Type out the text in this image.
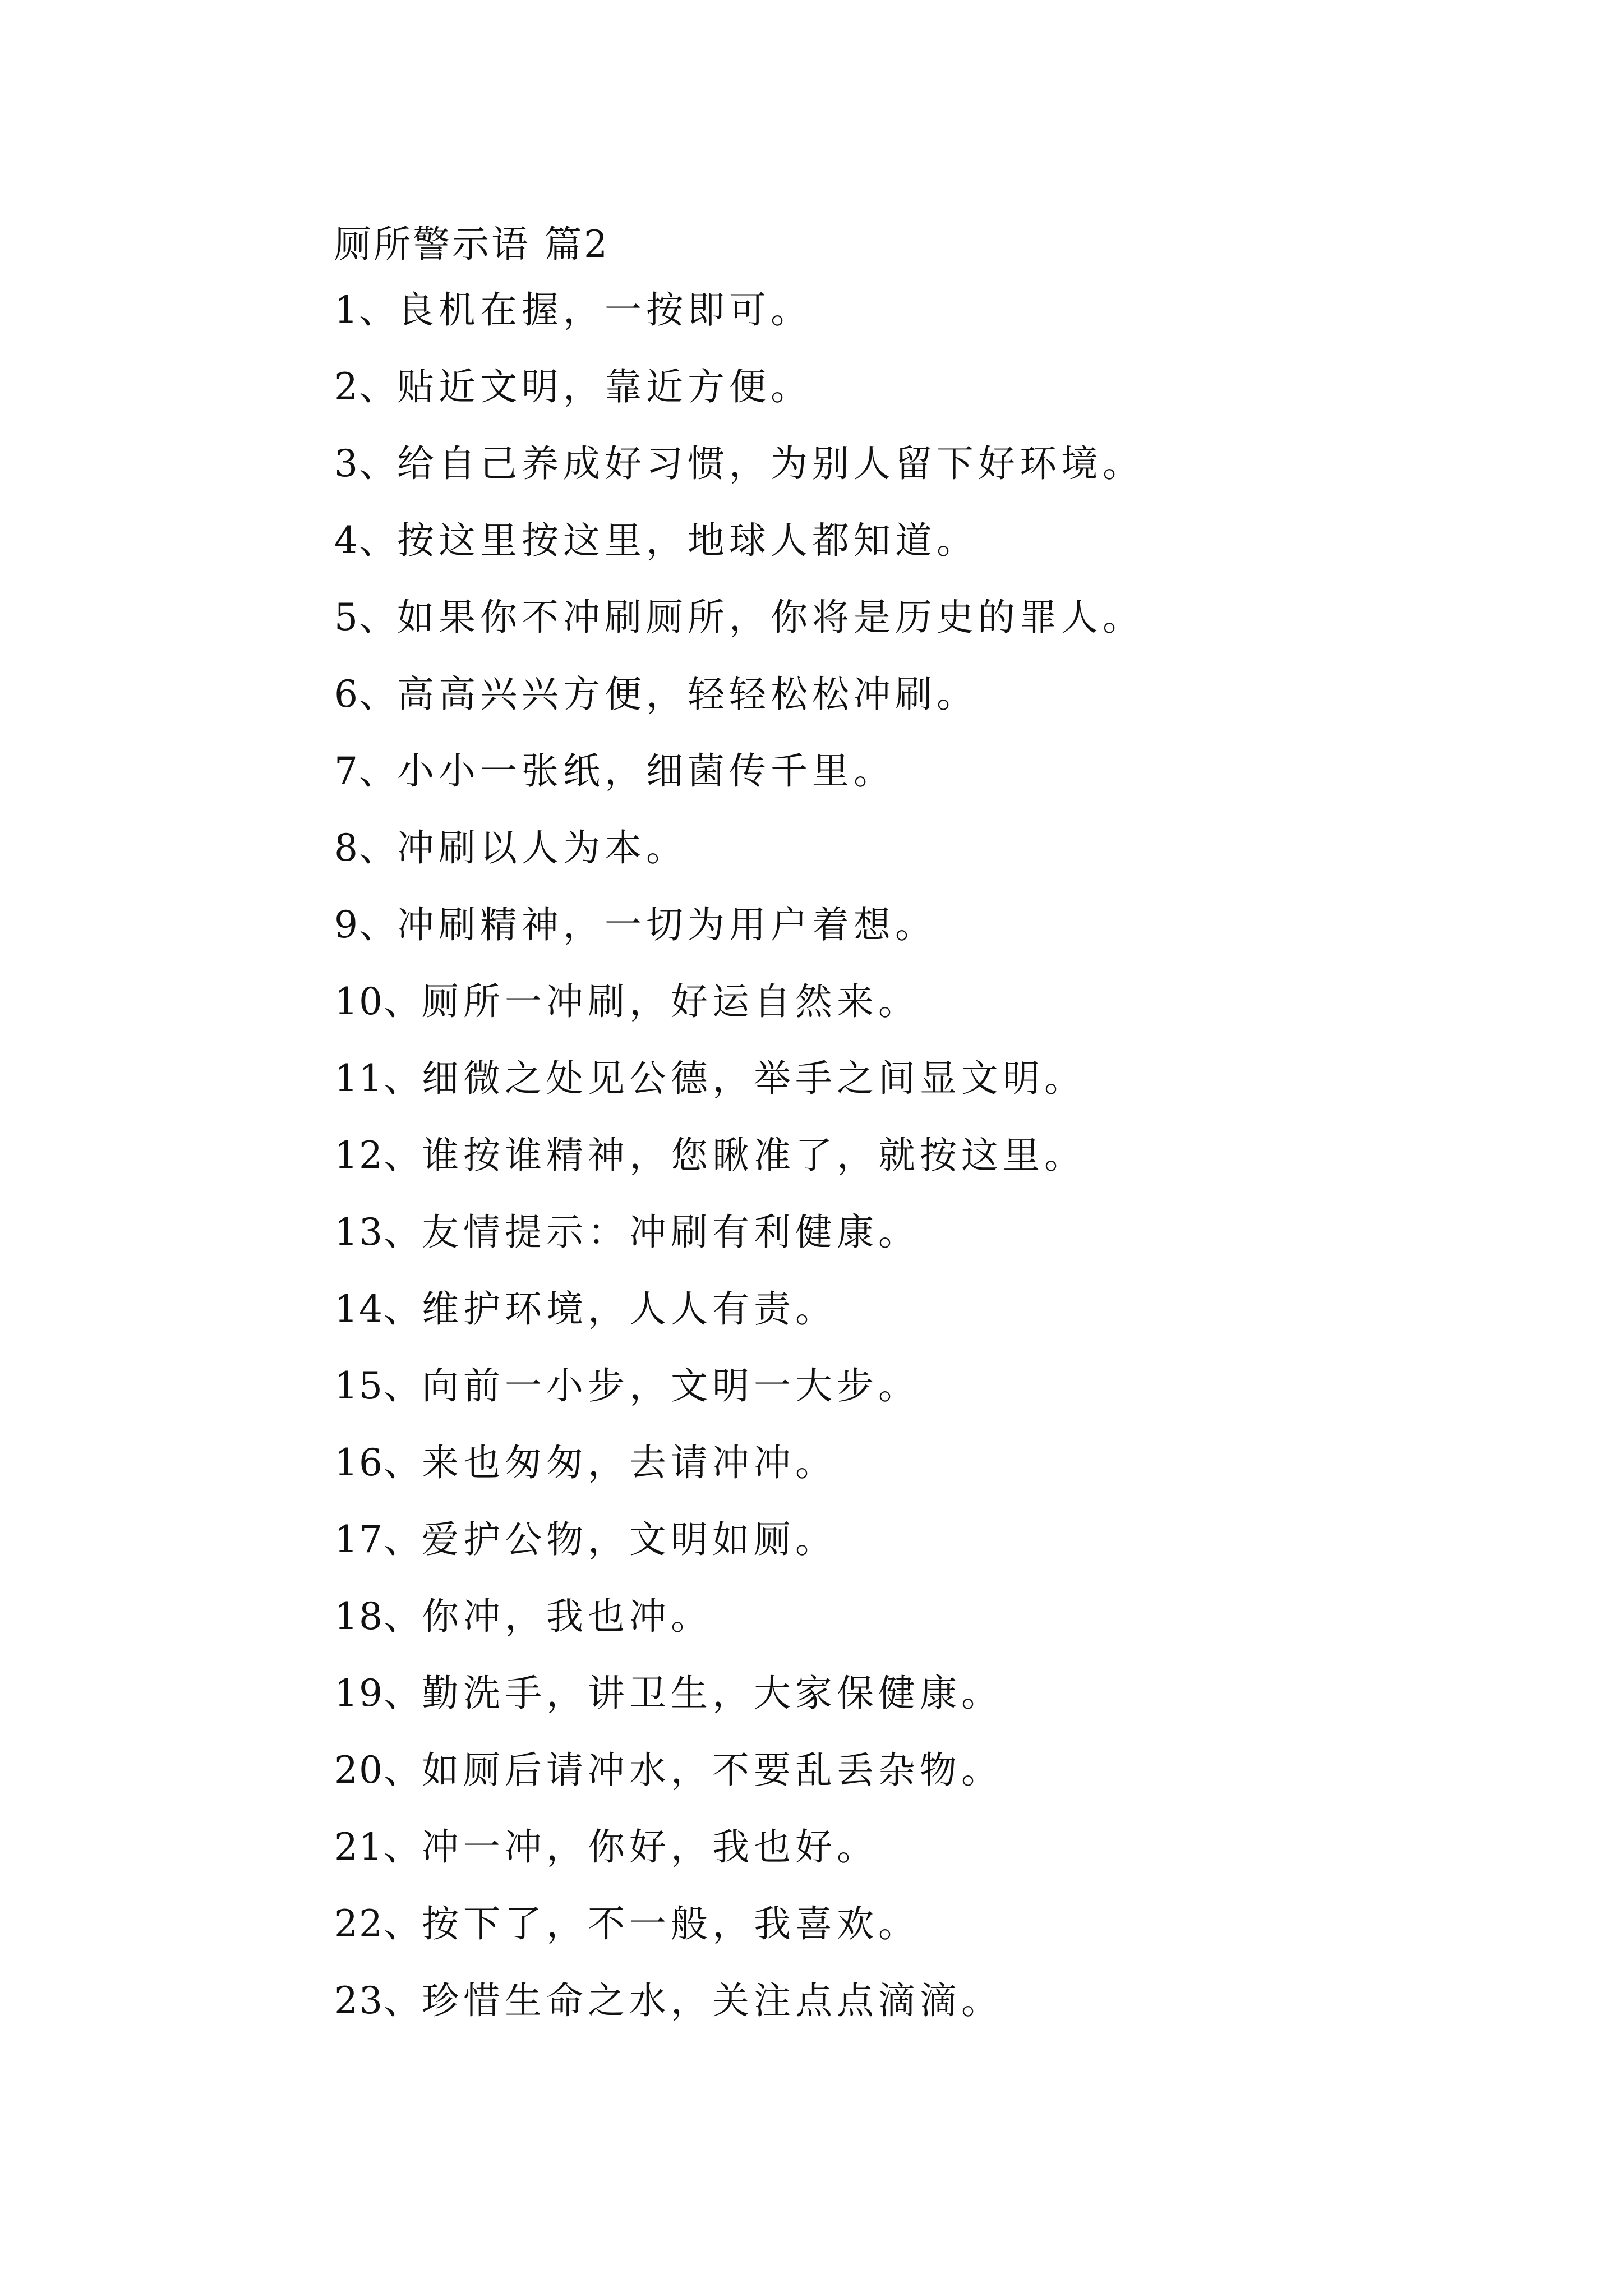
厕所警示语 篇2
1、良机在握，一按即可。
2、贴近文明，靠近方便。
3、给自己养成好习惯，为别人留下好环境。
4、按这里按这里，地球人都知道。
5、如果你不冲刷厕所，你将是历史的罪人。
6、高高兴兴方便，轻轻松松冲刷。
7、小小一张纸，细菌传千里。
8、冲刷以人为本。
9、冲刷精神，一切为用户着想。
10、厕所一冲刷，好运自然来。
11、细微之处见公德，举手之间显文明。
12、谁按谁精神，您瞅准了，就按这里。
13、友情提示：冲刷有利健康。
14、维护环境，人人有责。
15、向前一小步，文明一大步。
16、来也匆匆，去请冲冲。
17、爱护公物，文明如厕。
18、你冲，我也冲。
19、勤洗手，讲卫生，大家保健康。
20、如厕后请冲水，不要乱丢杂物。
21、冲一冲，你好，我也好。
22、按下了，不一般，我喜欢。
23、珍惜生命之水，关注点点滴滴。
